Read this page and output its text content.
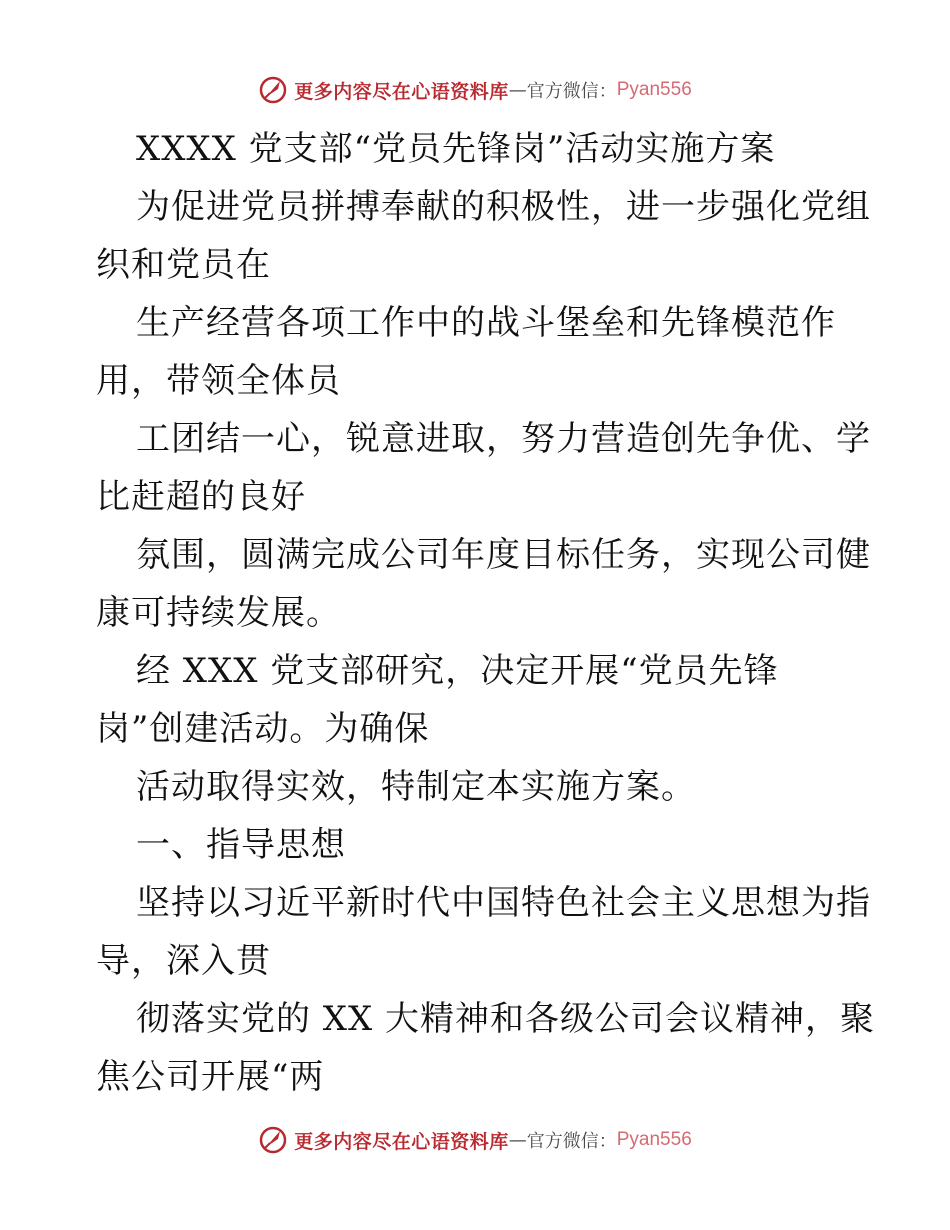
更多内容尽在心语资料库 — 官方微信： Pyan556
XXXX 党支部“党员先锋岗”活动实施方案
为促进党员拼搏奉献的积极性，进一步强化党组
织和党员在
生产经营各项工作中的战斗堡垒和先锋模范作
用，带领全体员
工团结一心，锐意进取，努力营造创先争优、学
比赶超的良好
氛围，圆满完成公司年度目标任务，实现公司健
康可持续发展。
经 XXX 党支部研究，决定开展“党员先锋
岗”创建活动。为确保
活动取得实效，特制定本实施方案。
一、指导思想
坚持以习近平新时代中国特色社会主义思想为指
导，深入贯
彻落实党的 XX 大精神和各级公司会议精神，聚
焦公司开展“两
更多内容尽在心语资料库 — 官方微信： Pyan556
